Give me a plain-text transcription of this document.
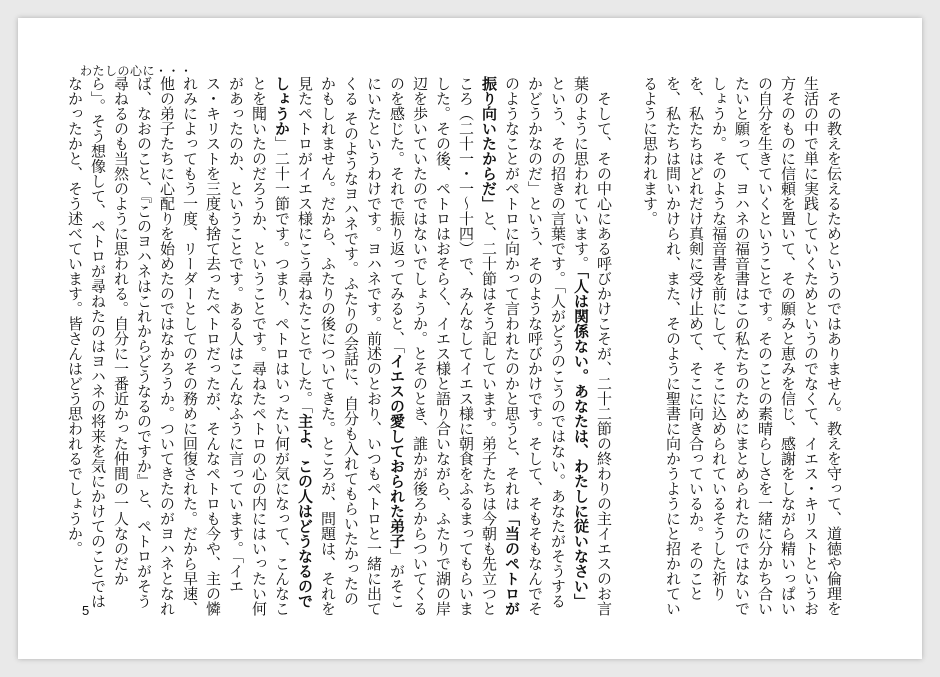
わたしの心に・・・

その教えを伝えるためというのではありません。教えを守って、道徳や倫理を生活の中で単に実践していくためというのでなくて、イエス・キリストというお方そのものに信頼を置いて、その願みと恵みを信じ、感謝をしながら精いっぱいの自分を生きていくということです。そのことの素晴らしさを一緒に分かち合いたいと願って、ヨハネの福音書はこの私たちのためにまとめられたのではないでしょうか。そのような福音書を前にして、そこに込められているそうした祈りを、私たちはどれだけ真剣に受け止めて、そこに向き合っているか。そのことを、私たちは問いかけられ、また、そのように聖書に向かうようにと招かれているように思われます。

そして、その中心にある呼びかけこそが、二十二節の終わりの主イエスのお言葉のように思われています。「人は関係ない。あなたは、わたしに従いなさい」という、その招きの言葉です。「人がどうのこうのではない。あなたがそうするかどうかなのだ」という、そのような呼びかけです。そして、そもそもなんでそのようなことがペトロに向かって言われたのかと思うと、それは「当のペトロが振り向いたからだ」と、二十節はそう記しています。弟子たちは今朝も先立つところ（二十一・一〜十四）で、みんなしてイエス様に朝食をふるまってもらいました。その後、ペトロはおそらく、イエス様と語り合いながら、ふたりで湖の岸辺を歩いていたのではないでしょうか。とそのとき、誰かが後ろからついてくるのを感じた。それで振り返ってみると、「イエスの愛しておられた弟子」がそこにいたというわけです。ヨハネです。前述のとおり、いつもペトロと一緒に出てくる そのようなヨハネです。ふたりの会話に、自分も入れてもらいたかったのかもしれません。だから、ふたりの後についてきた。ところが、問題は、それを見たペトロがイエス様にこう尋ねたことでした。「主よ、この人はどうなるのでしょうか」二十一節です。つまり、ペトロはいったい何が気になって、こんなことを聞いたのだろうか、ということです。尋ねたペトロの心の内にはいったい何があったのか、ということです。ある人はこんなふうに言っています。「イエス・キリストを三度も捨て去ったペトロだったが、そんなペトロも今や、主の憐れみによってもう一度、リーダーとしてのその務めに回復された。だから早速、他の弟子たちに心配りを始めたのではなかろうか。ついてきたのがヨハネとなれば、なおのこと、『このヨハネはこれからどうなるのですか』と、ペトロがそう尋ねるのも当然のように思われる。自分に一番近かった仲間の一人なのだから」。そう想像して、ペトロが尋ねたのはヨハネの将来を気にかけてのことではなかったかと、そう述べています。皆さんはどう思われるでしょうか。

5
